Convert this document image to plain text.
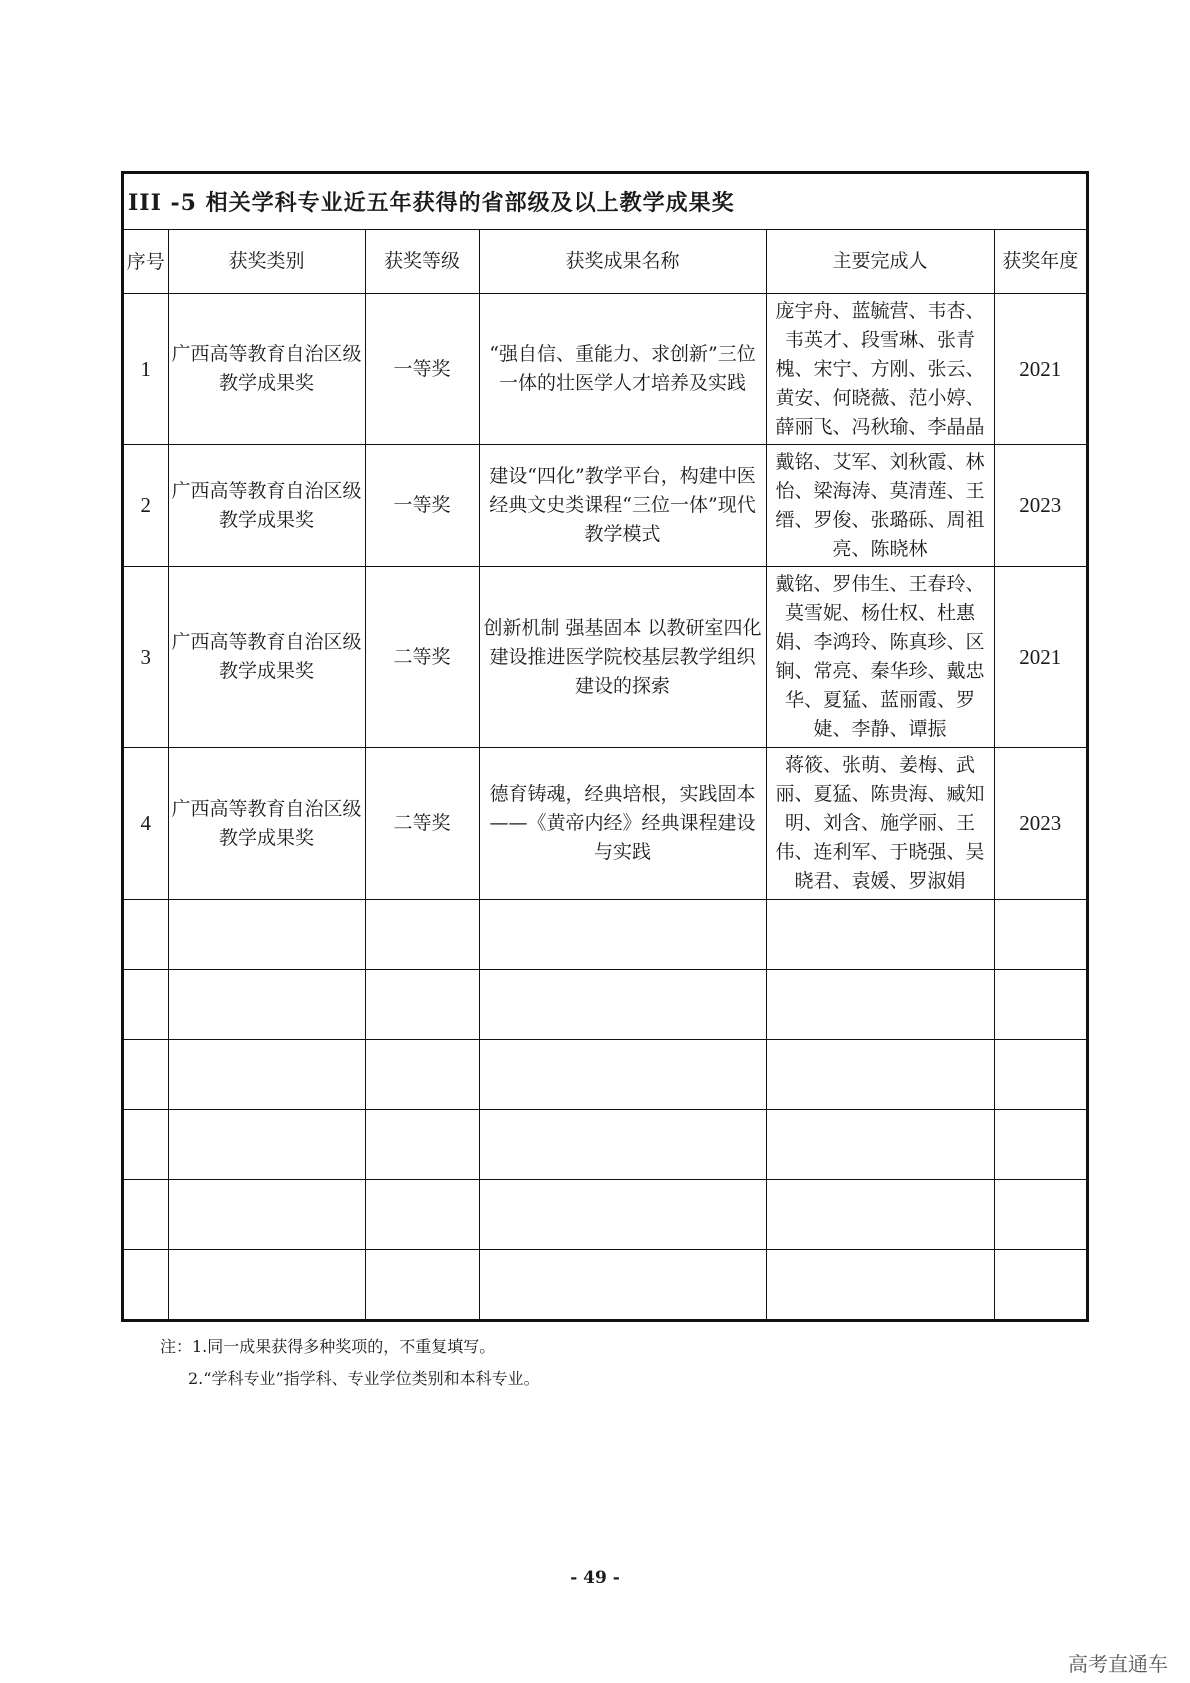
III -5 相关学科专业近五年获得的省部级及以上教学成果奖
序号	获奖类别	获奖等级	获奖成果名称	主要完成人	获奖年度
1	广西高等教育自治区级教学成果奖	一等奖	“强自信、重能力、求创新”三位一体的壮医学人才培养及实践	庞宇舟、蓝毓营、韦杏、韦英才、段雪琳、张青槐、宋宁、方刚、张云、黄安、何晓薇、范小婷、薛丽飞、冯秋瑜、李晶晶	2021
2	广西高等教育自治区级教学成果奖	一等奖	建设“四化”教学平台，构建中医经典文史类课程“三位一体”现代教学模式	戴铭、艾军、刘秋霞、林怡、梁海涛、莫清莲、王缙、罗俊、张璐砾、周祖亮、陈晓林	2023
3	广西高等教育自治区级教学成果奖	二等奖	创新机制 强基固本 以教研室四化建设推进医学院校基层教学组织建设的探索	戴铭、罗伟生、王春玲、莫雪妮、杨仕权、杜惠娟、李鸿玲、陈真珍、区锏、常亮、秦华珍、戴忠华、夏猛、蓝丽霞、罗婕、李静、谭振	2021
4	广西高等教育自治区级教学成果奖	二等奖	德育铸魂，经典培根，实践固本——《黄帝内经》经典课程建设与实践	蒋筱、张萌、姜梅、武丽、夏猛、陈贵海、臧知明、刘含、施学丽、王伟、连利军、于晓强、吴晓君、袁媛、罗淑娟	2023

注：1.同一成果获得多种奖项的，不重复填写。
2.“学科专业”指学科、专业学位类别和本科专业。
- 49 -
高考直通车
